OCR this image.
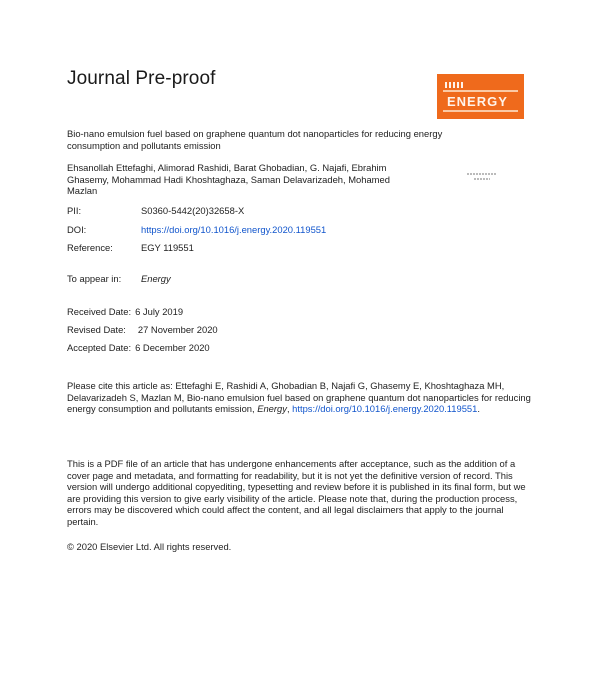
Journal Pre-proof
ENERGY
Bio-nano emulsion fuel based on graphene quantum dot nanoparticles for reducing energy consumption and pollutants emission
Ehsanollah Ettefaghi, Alimorad Rashidi, Barat Ghobadian, G. Najafi, Ebrahim Ghasemy, Mohammad Hadi Khoshtaghaza, Saman Delavarizadeh, Mohamed Mazlan
PII:	S0360-5442(20)32658-X
DOI:	https://doi.org/10.1016/j.energy.2020.119551
Reference:	EGY 119551
To appear in: Energy
Received Date: 6 July 2019
Revised Date: 27 November 2020
Accepted Date: 6 December 2020
Please cite this article as: Ettefaghi E, Rashidi A, Ghobadian B, Najafi G, Ghasemy E, Khoshtaghaza MH, Delavarizadeh S, Mazlan M, Bio-nano emulsion fuel based on graphene quantum dot nanoparticles for reducing energy consumption and pollutants emission, Energy, https://doi.org/10.1016/j.energy.2020.119551.
This is a PDF file of an article that has undergone enhancements after acceptance, such as the addition of a cover page and metadata, and formatting for readability, but it is not yet the definitive version of record. This version will undergo additional copyediting, typesetting and review before it is published in its final form, but we are providing this version to give early visibility of the article. Please note that, during the production process, errors may be discovered which could affect the content, and all legal disclaimers that apply to the journal pertain.
© 2020 Elsevier Ltd. All rights reserved.
